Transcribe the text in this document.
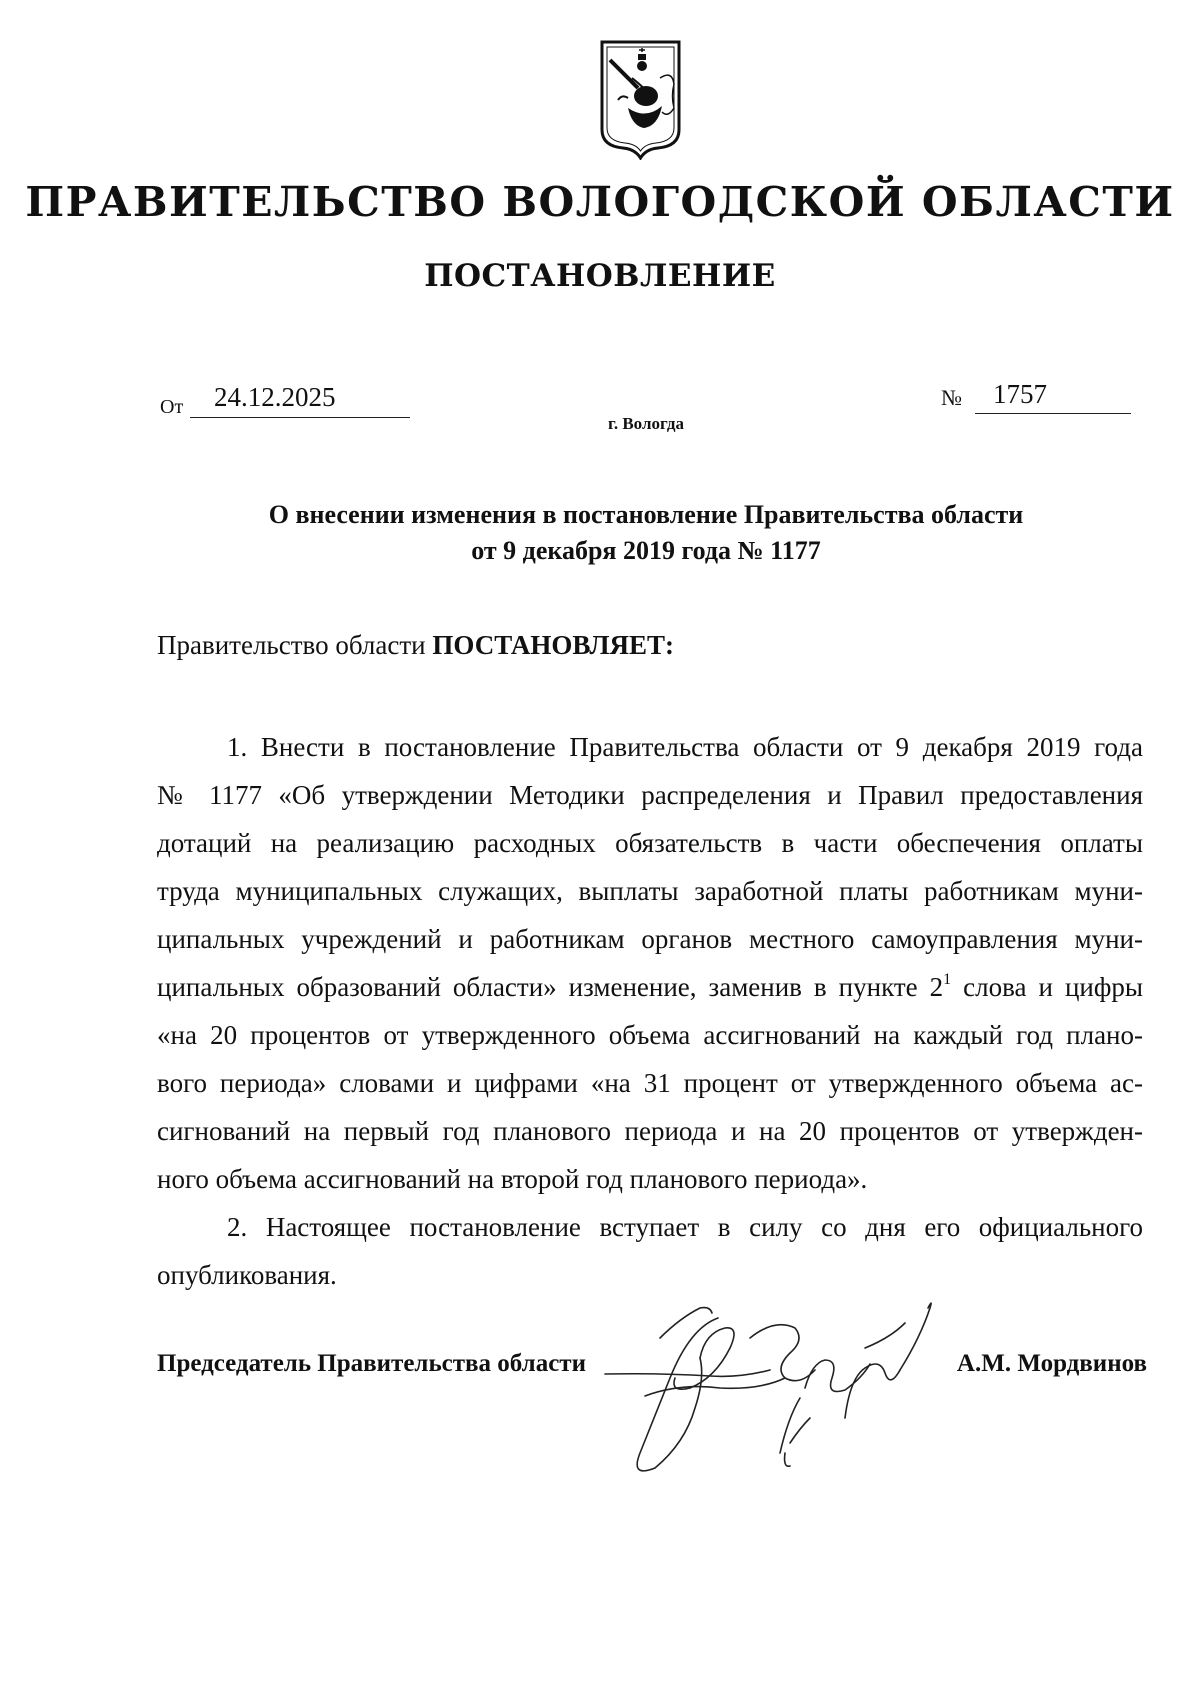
ПРАВИТЕЛЬСТВО ВОЛОГОДСКОЙ ОБЛАСТИ
ПОСТАНОВЛЕНИЕ
От	24.12.2025	№	1757
г. Вологда
О внесении изменения в постановление Правительства области
от 9 декабря 2019 года № 1177
Правительство области ПОСТАНОВЛЯЕТ:

1. Внести в постановление Правительства области от 9 декабря 2019 года

№ 1177 «Об утверждении Методики распределения и Правил предоставления

дотаций на реализацию расходных обязательств в части обеспечения оплаты

труда муниципальных служащих, выплаты заработной платы работникам муни-

ципальных учреждений и работникам органов местного самоуправления муни-

ципальных образований области» изменение, заменив в пункте $2^1$ слова и цифры

«на 20 процентов от утвержденного объема ассигнований на каждый год плано-

вого периода» словами и цифрами «на 31 процент от утвержденного объема ас-

сигнований на первый год планового периода и на 20 процентов от утвержден-

ного объема ассигнований на второй год планового периода».

2. Настоящее постановление вступает в силу со дня его официального

опубликования.

Председатель Правительства области	А.М. Мордвинов
